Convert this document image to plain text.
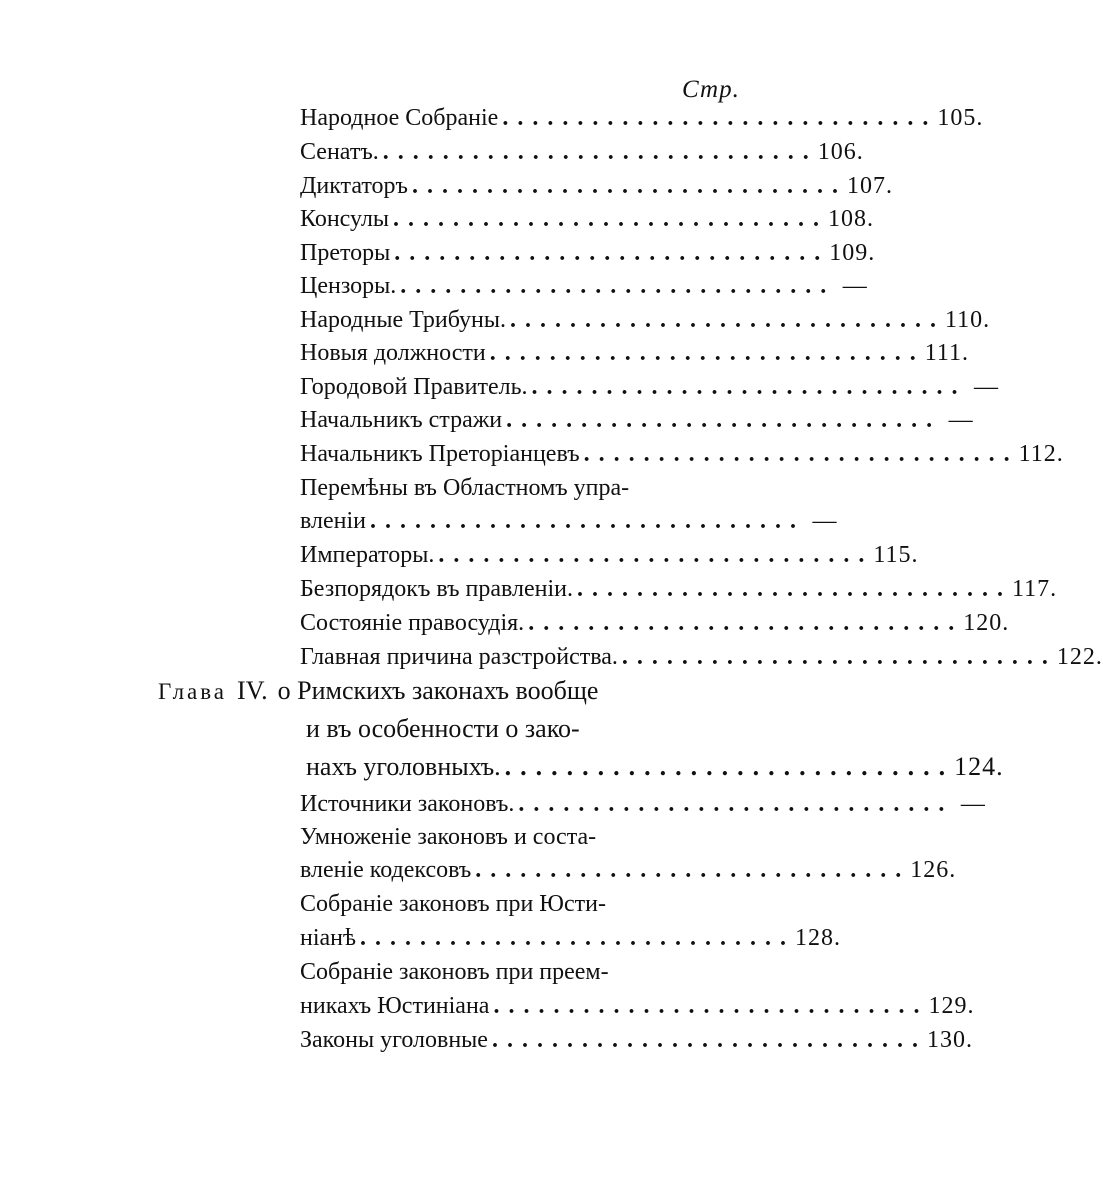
Стр.
Народное Собраніе ............................. 105.
Сенатъ. ............................. 106.
Диктаторъ ............................. 107.
Консулы ............................. 108.
Преторы ............................. 109.
Цензоры. ............................. —
Народные Трибуны. ............................. 110.
Новыя должности ............................. 111.
Городовой Правитель. ............................. —
Начальникъ стражи ............................. —
Начальникъ Преторіанцевъ ............................. 112.
Перемѣны въ Областномъ упра-
вленіи ............................. —
Императоры. ............................. 115.
Безпорядокъ въ правленіи. ............................. 117.
Состояніе правосудія. ............................. 120.
Главная причина разстройства. ............................. 122.
Глава IV. о Римскихъ законахъ вообще
и въ особенности о зако-
нахъ уголовныхъ. ............................. 124.
Источники законовъ. ............................. —
Умноженіе законовъ и соста-
вленіе кодексовъ ............................. 126.
Собраніе законовъ при Юсти-
ніанѣ ............................. 128.
Собраніе законовъ при преем-
никахъ Юстиніана ............................. 129.
Законы уголовные ............................. 130.
